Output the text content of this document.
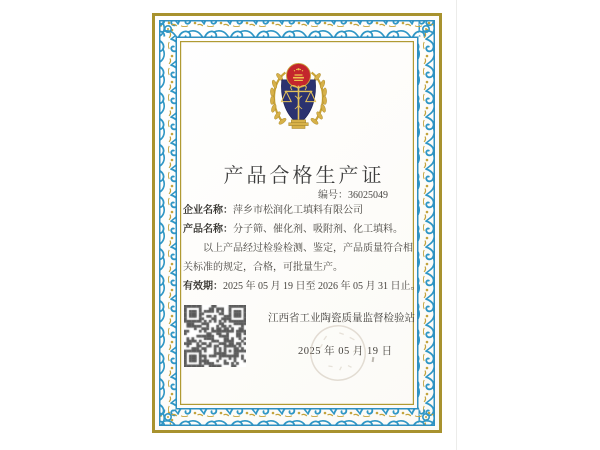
产品合格生产证
编号：36025049
企业名称：萍乡市松润化工填料有限公司
产品名称：分子筛、催化剂、吸附剂、化工填料。
以上产品经过检验检测、鉴定，产品质量符合相
关标准的规定，合格，可批量生产。
有效期：2025 年 05 月 19 日至 2026 年 05 月 31 日止。
江西省工业陶瓷质量监督检验站
2025 年 05 月 19 日
